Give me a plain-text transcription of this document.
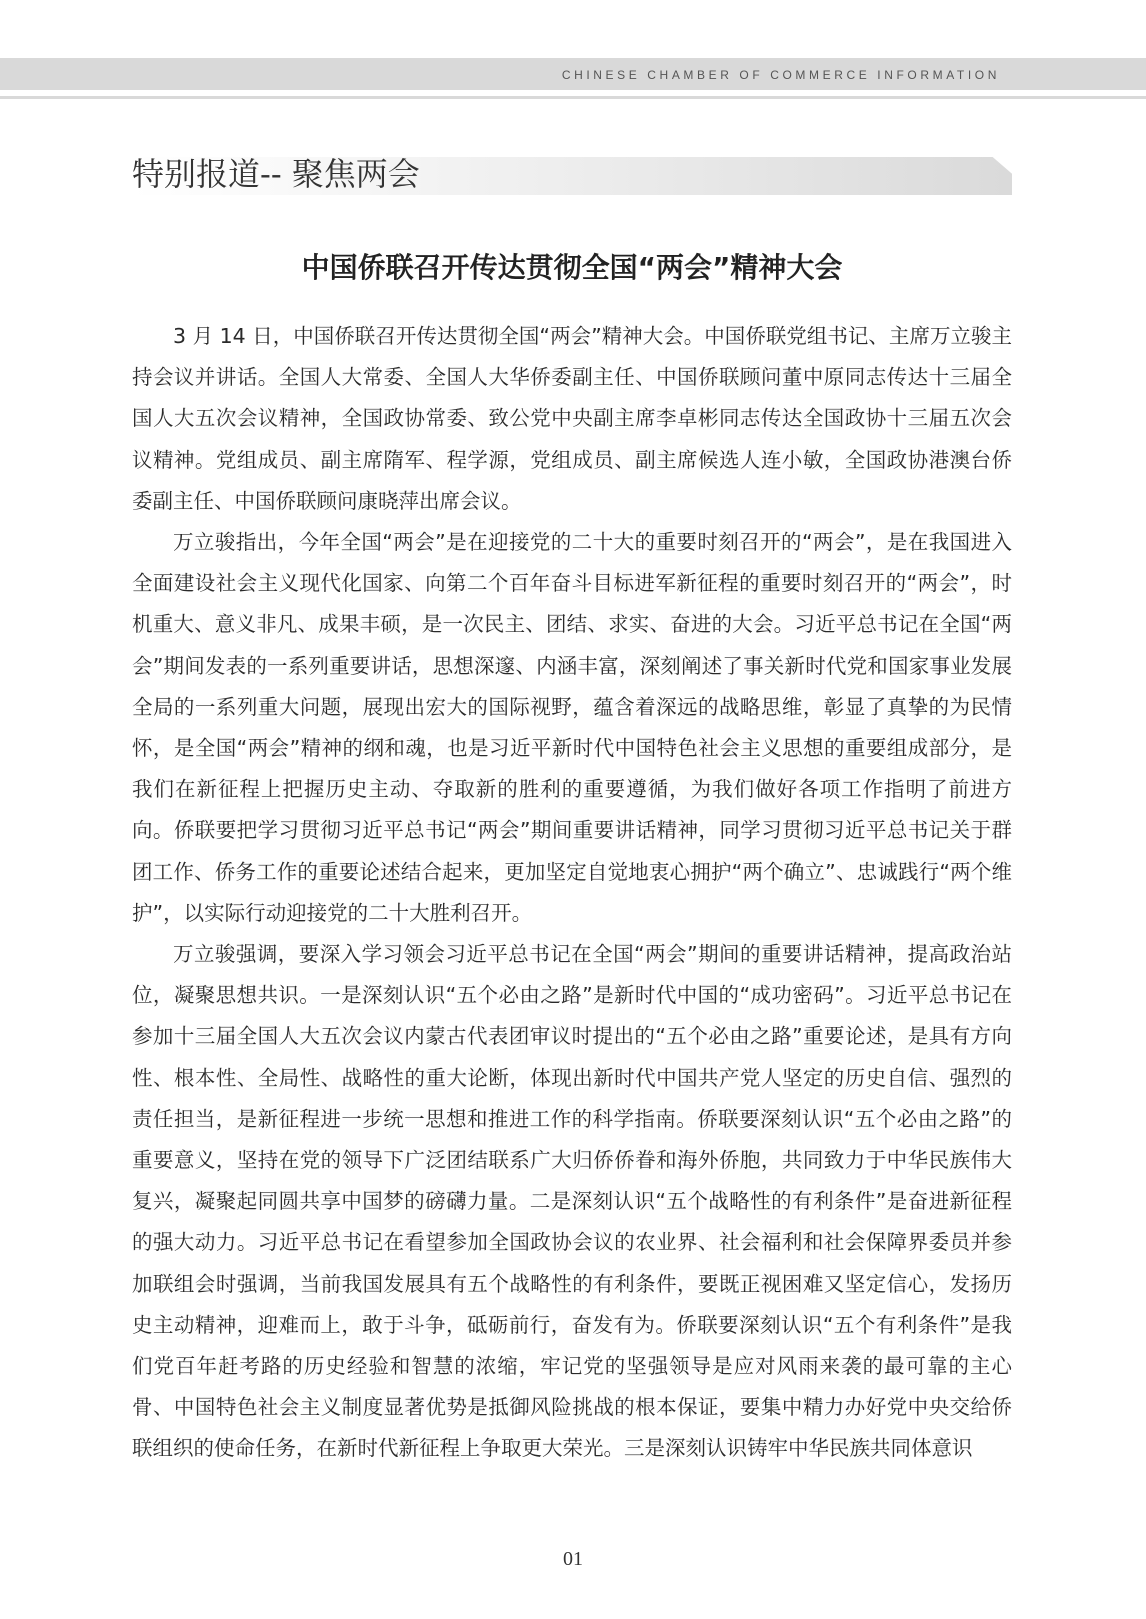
CHINESE CHAMBER OF COMMERCE INFORMATION
特别报道-- 聚焦两会
中国侨联召开传达贯彻全国“两会”精神大会

3 月 14 日，中国侨联召开传达贯彻全国“两会”精神大会。中国侨联党组书记、主席万立骏主持会议并讲话。全国人大常委、全国人大华侨委副主任、中国侨联顾问董中原同志传达十三届全国人大五次会议精神，全国政协常委、致公党中央副主席李卓彬同志传达全国政协十三届五次会议精神。党组成员、副主席隋军、程学源，党组成员、副主席候选人连小敏，全国政协港澳台侨委副主任、中国侨联顾问康晓萍出席会议。

万立骏指出，今年全国“两会”是在迎接党的二十大的重要时刻召开的“两会”，是在我国进入全面建设社会主义现代化国家、向第二个百年奋斗目标进军新征程的重要时刻召开的“两会”，时机重大、意义非凡、成果丰硕，是一次民主、团结、求实、奋进的大会。习近平总书记在全国“两会”期间发表的一系列重要讲话，思想深邃、内涵丰富，深刻阐述了事关新时代党和国家事业发展全局的一系列重大问题，展现出宏大的国际视野，蕴含着深远的战略思维，彰显了真挚的为民情怀，是全国“两会”精神的纲和魂，也是习近平新时代中国特色社会主义思想的重要组成部分，是我们在新征程上把握历史主动、夺取新的胜利的重要遵循，为我们做好各项工作指明了前进方向。侨联要把学习贯彻习近平总书记“两会”期间重要讲话精神，同学习贯彻习近平总书记关于群团工作、侨务工作的重要论述结合起来，更加坚定自觉地衷心拥护“两个确立”、忠诚践行“两个维护”，以实际行动迎接党的二十大胜利召开。

万立骏强调，要深入学习领会习近平总书记在全国“两会”期间的重要讲话精神，提高政治站位，凝聚思想共识。一是深刻认识“五个必由之路”是新时代中国的“成功密码”。习近平总书记在参加十三届全国人大五次会议内蒙古代表团审议时提出的“五个必由之路”重要论述，是具有方向性、根本性、全局性、战略性的重大论断，体现出新时代中国共产党人坚定的历史自信、强烈的责任担当，是新征程进一步统一思想和推进工作的科学指南。侨联要深刻认识“五个必由之路”的重要意义，坚持在党的领导下广泛团结联系广大归侨侨眷和海外侨胞，共同致力于中华民族伟大复兴，凝聚起同圆共享中国梦的磅礴力量。二是深刻认识“五个战略性的有利条件”是奋进新征程的强大动力。习近平总书记在看望参加全国政协会议的农业界、社会福利和社会保障界委员并参加联组会时强调，当前我国发展具有五个战略性的有利条件，要既正视困难又坚定信心，发扬历史主动精神，迎难而上，敢于斗争，砥砺前行，奋发有为。侨联要深刻认识“五个有利条件”是我们党百年赶考路的历史经验和智慧的浓缩，牢记党的坚强领导是应对风雨来袭的最可靠的主心骨、中国特色社会主义制度显著优势是抵御风险挑战的根本保证，要集中精力办好党中央交给侨联组织的使命任务，在新时代新征程上争取更大荣光。三是深刻认识铸牢中华民族共同体意识

01
